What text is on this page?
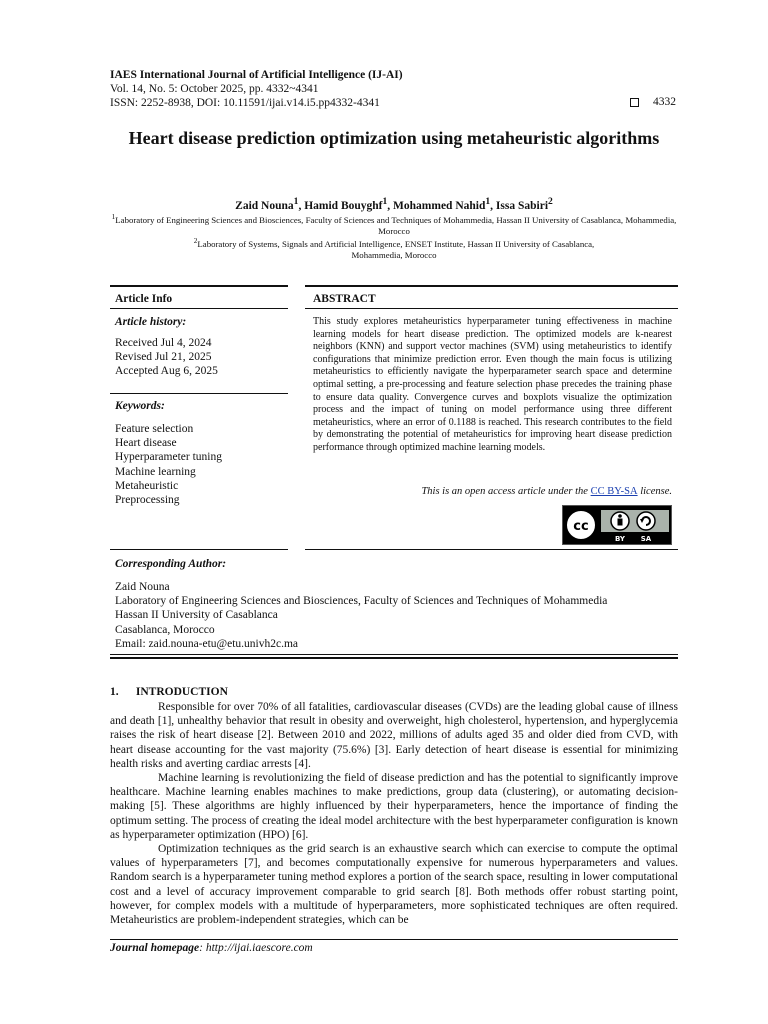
IAES International Journal of Artificial Intelligence (IJ-AI)
Vol. 14, No. 5: October 2025, pp. 4332~4341
ISSN: 2252-8938, DOI: 10.11591/ijai.v14.i5.pp4332-4341	4332
Heart disease prediction optimization using metaheuristic algorithms
Zaid Nouna$^1$, Hamid Bouyghf$^1$, Mohammed Nahid$^1$, Issa Sabiri$^2$
$^1$Laboratory of Engineering Sciences and Biosciences, Faculty of Sciences and Techniques of Mohammedia, Hassan II University of Casablanca, Mohammedia, Morocco
$^2$Laboratory of Systems, Signals and Artificial Intelligence, ENSET Institute, Hassan II University of Casablanca, Mohammedia, Morocco
Article Info
Article history:
Received Jul 4, 2024
Revised Jul 21, 2025
Accepted Aug 6, 2025
Keywords:
Feature selection
Heart disease
Hyperparameter tuning
Machine learning
Metaheuristic
Preprocessing
ABSTRACT
This study explores metaheuristics hyperparameter tuning effectiveness in machine learning models for heart disease prediction. The optimized models are k-nearest neighbors (KNN) and support vector machines (SVM) using metaheuristics to identify configurations that minimize prediction error. Even though the main focus is utilizing metaheuristics to efficiently navigate the hyperparameter search space and determine optimal setting, a pre-processing and feature selection phase precedes the training phase to ensure data quality. Convergence curves and boxplots visualize the optimization process and the impact of tuning on model performance using three different metaheuristics, where an error of 0.1188 is reached. This research contributes to the field by demonstrating the potential of metaheuristics for improving heart disease prediction performance through optimized machine learning models.
This is an open access article under the CC BY-SA license.
cc
BY SA
Corresponding Author:
Zaid Nouna
Laboratory of Engineering Sciences and Biosciences, Faculty of Sciences and Techniques of Mohammedia
Hassan II University of Casablanca
Casablanca, Morocco
Email: zaid.nouna-etu@etu.univh2c.ma
1.      INTRODUCTION

Responsible for over 70% of all fatalities, cardiovascular diseases (CVDs) are the leading global cause of illness and death [1], unhealthy behavior that result in obesity and overweight, high cholesterol, hypertension, and hyperglycemia raises the risk of heart disease [2]. Between 2010 and 2022, millions of adults aged 35 and older died from CVD, with heart disease accounting for the vast majority (75.6%) [3]. Early detection of heart disease is essential for minimizing health risks and averting cardiac arrests [4].

Machine learning is revolutionizing the field of disease prediction and has the potential to significantly improve healthcare. Machine learning enables machines to make predictions, group data (clustering), or automating decision-making [5]. These algorithms are highly influenced by their hyperparameters, hence the importance of finding the optimum setting. The process of creating the ideal model architecture with the best hyperparameter configuration is known as hyperparameter optimization (HPO) [6].

Optimization techniques as the grid search is an exhaustive search which can exercise to compute the optimal values of hyperparameters [7], and becomes computationally expensive for numerous hyperparameters and values. Random search is a hyperparameter tuning method explores a portion of the search space, resulting in lower computational cost and a level of accuracy improvement comparable to grid search [8]. Both methods offer robust starting point, however, for complex models with a multitude of hyperparameters, more sophisticated techniques are often required. Metaheuristics are problem-independent strategies, which can be

Journal homepage: http://ijai.iaescore.com
